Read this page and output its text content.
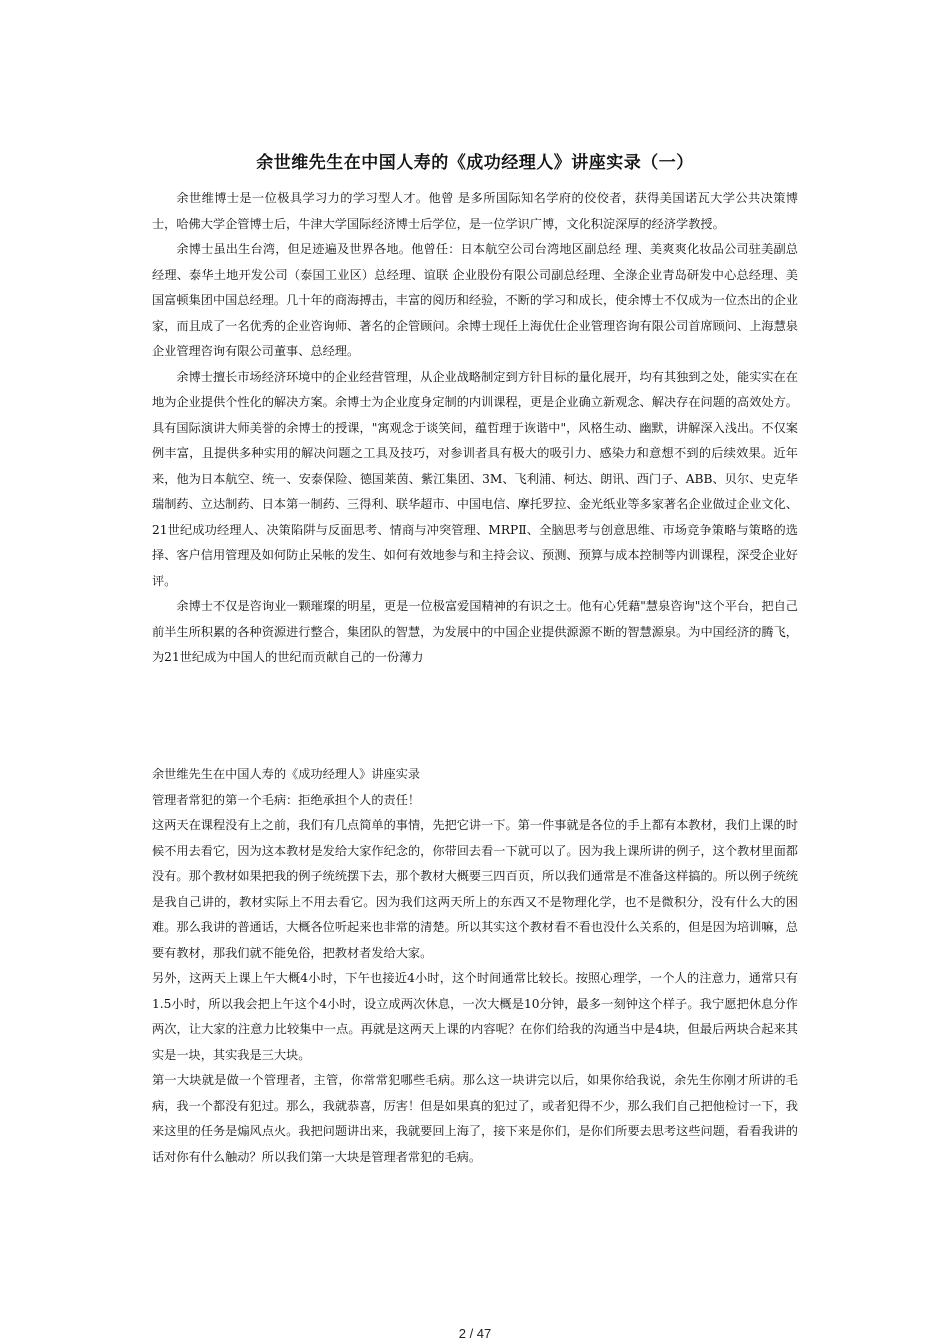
余世维先生在中国人寿的《成功经理人》讲座实录（一）

余世维博士是一位极具学习力的学习型人才。他曾 是多所国际知名学府的佼佼者，获得美国诺瓦大学公共决策博士，哈佛大学企管博士后，牛津大学国际经济博士后学位，是一位学识广博，文化积淀深厚的经济学教授。

余博士虽出生台湾，但足迹遍及世界各地。他曾任：日本航空公司台湾地区副总经 理、美爽爽化妆品公司驻美副总经理、泰华土地开发公司（泰国工业区）总经理、谊联 企业股份有限公司副总经理、全淥企业青岛研发中心总经理、美国富顿集团中国总经理。几十年的商海搏击，丰富的阅历和经验，不断的学习和成长，使余博士不仅成为一位杰出的企业家，而且成了一名优秀的企业咨询师、著名的企管顾问。余博士现任上海优仕企业管理咨询有限公司首席顾问、上海慧泉企业管理咨询有限公司董事、总经理。

余博士擅长市场经济环境中的企业经营管理，从企业战略制定到方针目标的量化展开，均有其独到之处，能实实在在地为企业提供个性化的解决方案。余博士为企业度身定制的内训课程，更是企业确立新观念、解决存在问题的高效处方。具有国际演讲大师美誉的余博士的授课，"寓观念于谈笑间，蕴哲理于诙谐中"，风格生动、幽默，讲解深入浅出。不仅案例丰富，且提供多种实用的解决问题之工具及技巧，对参训者具有极大的吸引力、感染力和意想不到的后续效果。近年来，他为日本航空、统一、安泰保险、德国莱茵、紫江集团、3M、飞利浦、柯达、朗讯、西门子、ABB、贝尔、史克华瑞制药、立达制药、日本第一制药、三得利、联华超市、中国电信、摩托罗拉、金光纸业等多家著名企业做过企业文化、21世纪成功经理人、决策陷阱与反面思考、情商与冲突管理、MRPⅡ、全脑思考与创意思维、市场竞争策略与策略的选择、客户信用管理及如何防止呆帐的发生、如何有效地参与和主持会议、预测、预算与成本控制等内训课程，深受企业好评。

余博士不仅是咨询业一颗璀璨的明星，更是一位极富爱国精神的有识之士。他有心凭藉"慧泉咨询"这个平台，把自己前半生所积累的各种资源进行整合，集团队的智慧，为发展中的中国企业提供源源不断的智慧源泉。为中国经济的腾飞，为21世纪成为中国人的世纪而贡献自己的一份薄力

余世维先生在中国人寿的《成功经理人》讲座实录

管理者常犯的第一个毛病：拒绝承担个人的责任！

这两天在课程没有上之前，我们有几点简单的事情，先把它讲一下。第一件事就是各位的手上都有本教材，我们上课的时候不用去看它，因为这本教材是发给大家作纪念的，你带回去看一下就可以了。因为我上课所讲的例子，这个教材里面都没有。那个教材如果把我的例子统统摆下去，那个教材大概要三四百页，所以我们通常是不准备这样搞的。所以例子统统是我自己讲的，教材实际上不用去看它。因为我们这两天所上的东西又不是物理化学，也不是微积分，没有什么大的困难。那么我讲的普通话，大概各位听起来也非常的清楚。所以其实这个教材看不看也没什么关系的，但是因为培训嘛，总要有教材，那我们就不能免俗，把教材者发给大家。

另外，这两天上课上午大概4小时，下午也接近4小时，这个时间通常比较长。按照心理学，一个人的注意力，通常只有1.5小时，所以我会把上午这个4小时，设立成两次休息，一次大概是10分钟，最多一刻钟这个样子。我宁愿把休息分作两次，让大家的注意力比较集中一点。再就是这两天上课的内容呢？在你们给我的沟通当中是4块，但最后两块合起来其实是一块，其实我是三大块。

第一大块就是做一个管理者，主管，你常常犯哪些毛病。那么这一块讲完以后，如果你给我说，余先生你刚才所讲的毛病，我一个都没有犯过。那么，我就恭喜，厉害！但是如果真的犯过了，或者犯得不少，那么我们自己把他检讨一下，我来这里的任务是煽风点火。我把问题讲出来，我就要回上海了，接下来是你们，是你们所要去思考这些问题，看看我讲的话对你有什么触动？所以我们第一大块是管理者常犯的毛病。

2 / 47
